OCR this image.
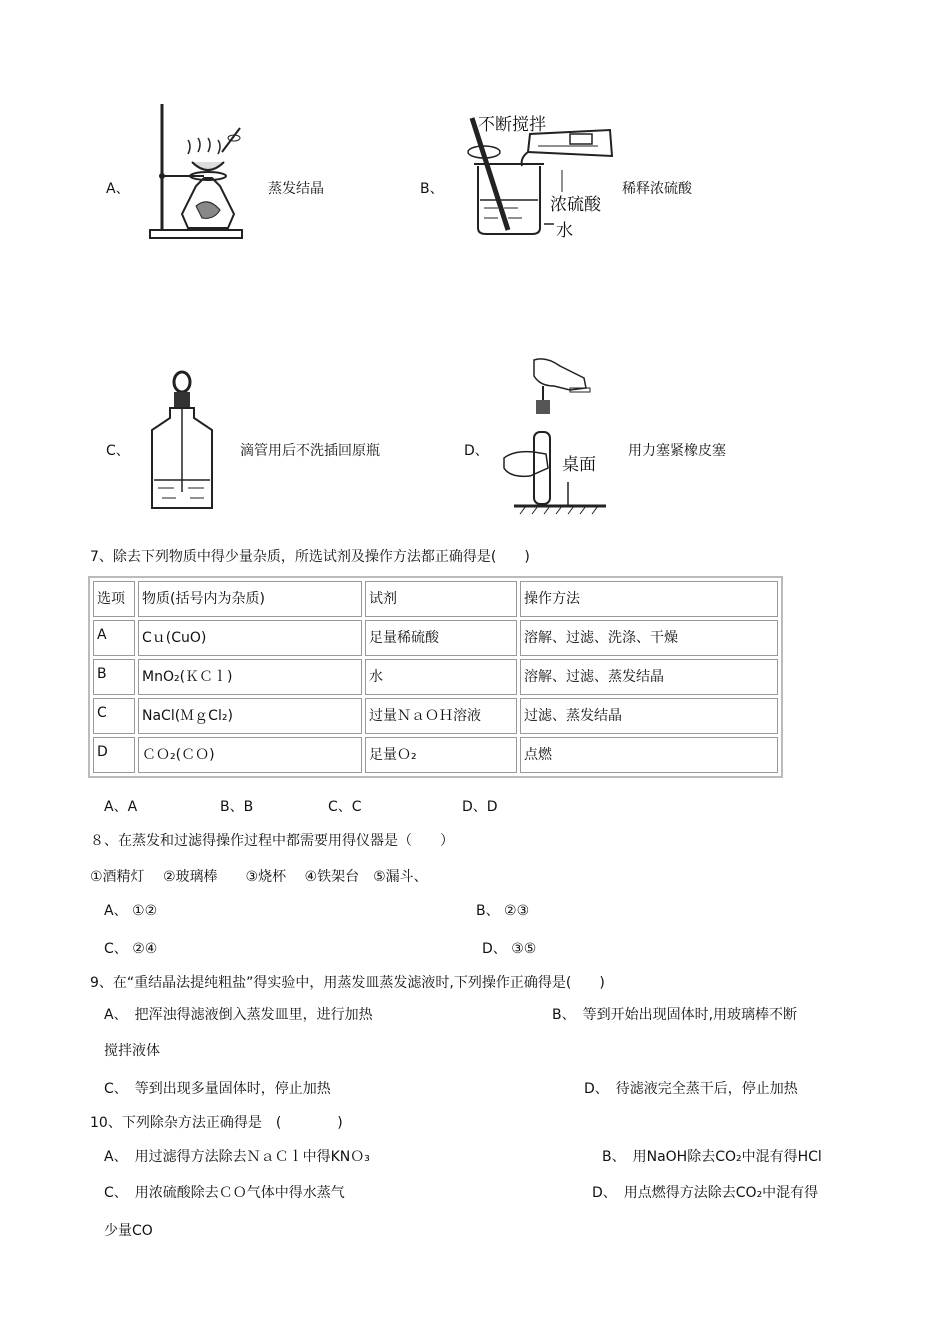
A、	蒸发结晶	B、
不断搅拌
浓硫酸
水
稀释浓硫酸
C、	滴管用后不洗插回原瓶	D、
桌面
用力塞紧橡皮塞
7、除去下列物质中得少量杂质，所选试剂及操作方法都正确得是(　　)
选项	物质(括号内为杂质)	试剂	操作方法
A	Cｕ(CuO)	足量稀硫酸	溶解、过滤、洗涤、干燥
B	MnO₂(ＫＣｌ)	水	溶解、过滤、蒸发结晶
C	NaCl(ＭｇCl₂)	过量ＮａＯＨ溶液	过滤、蒸发结晶
D	ＣＯ₂(ＣＯ)	足量Ｏ₂	点燃
A、A	B、B	C、C	D、D
８、在蒸发和过滤得操作过程中都需要用得仪器是（　　）
①酒精灯　 ②玻璃棒　　③烧杯　 ④铁架台　⑤漏斗、
A、 ①②	B、 ②③
C、 ②④	D、 ③⑤
9、在“重结晶法提纯粗盐”得实验中，用蒸发皿蒸发滤液时,下列操作正确得是(　　)
A、　把浑浊得滤液倒入蒸发皿里，进行加热	B、　等到开始出现固体时,用玻璃棒不断
搅拌液体
C、　等到出现多量固体时，停止加热	D、　待滤液完全蒸干后，停止加热
10、下列除杂方法正确得是　(　　　　)
A、　用过滤得方法除去ＮａＣｌ中得KNＯ₃	B、　用NaOH除去CO₂中混有得HCl
C、　用浓硫酸除去ＣＯ气体中得水蒸气	D、　用点燃得方法除去CO₂中混有得
少量CO
